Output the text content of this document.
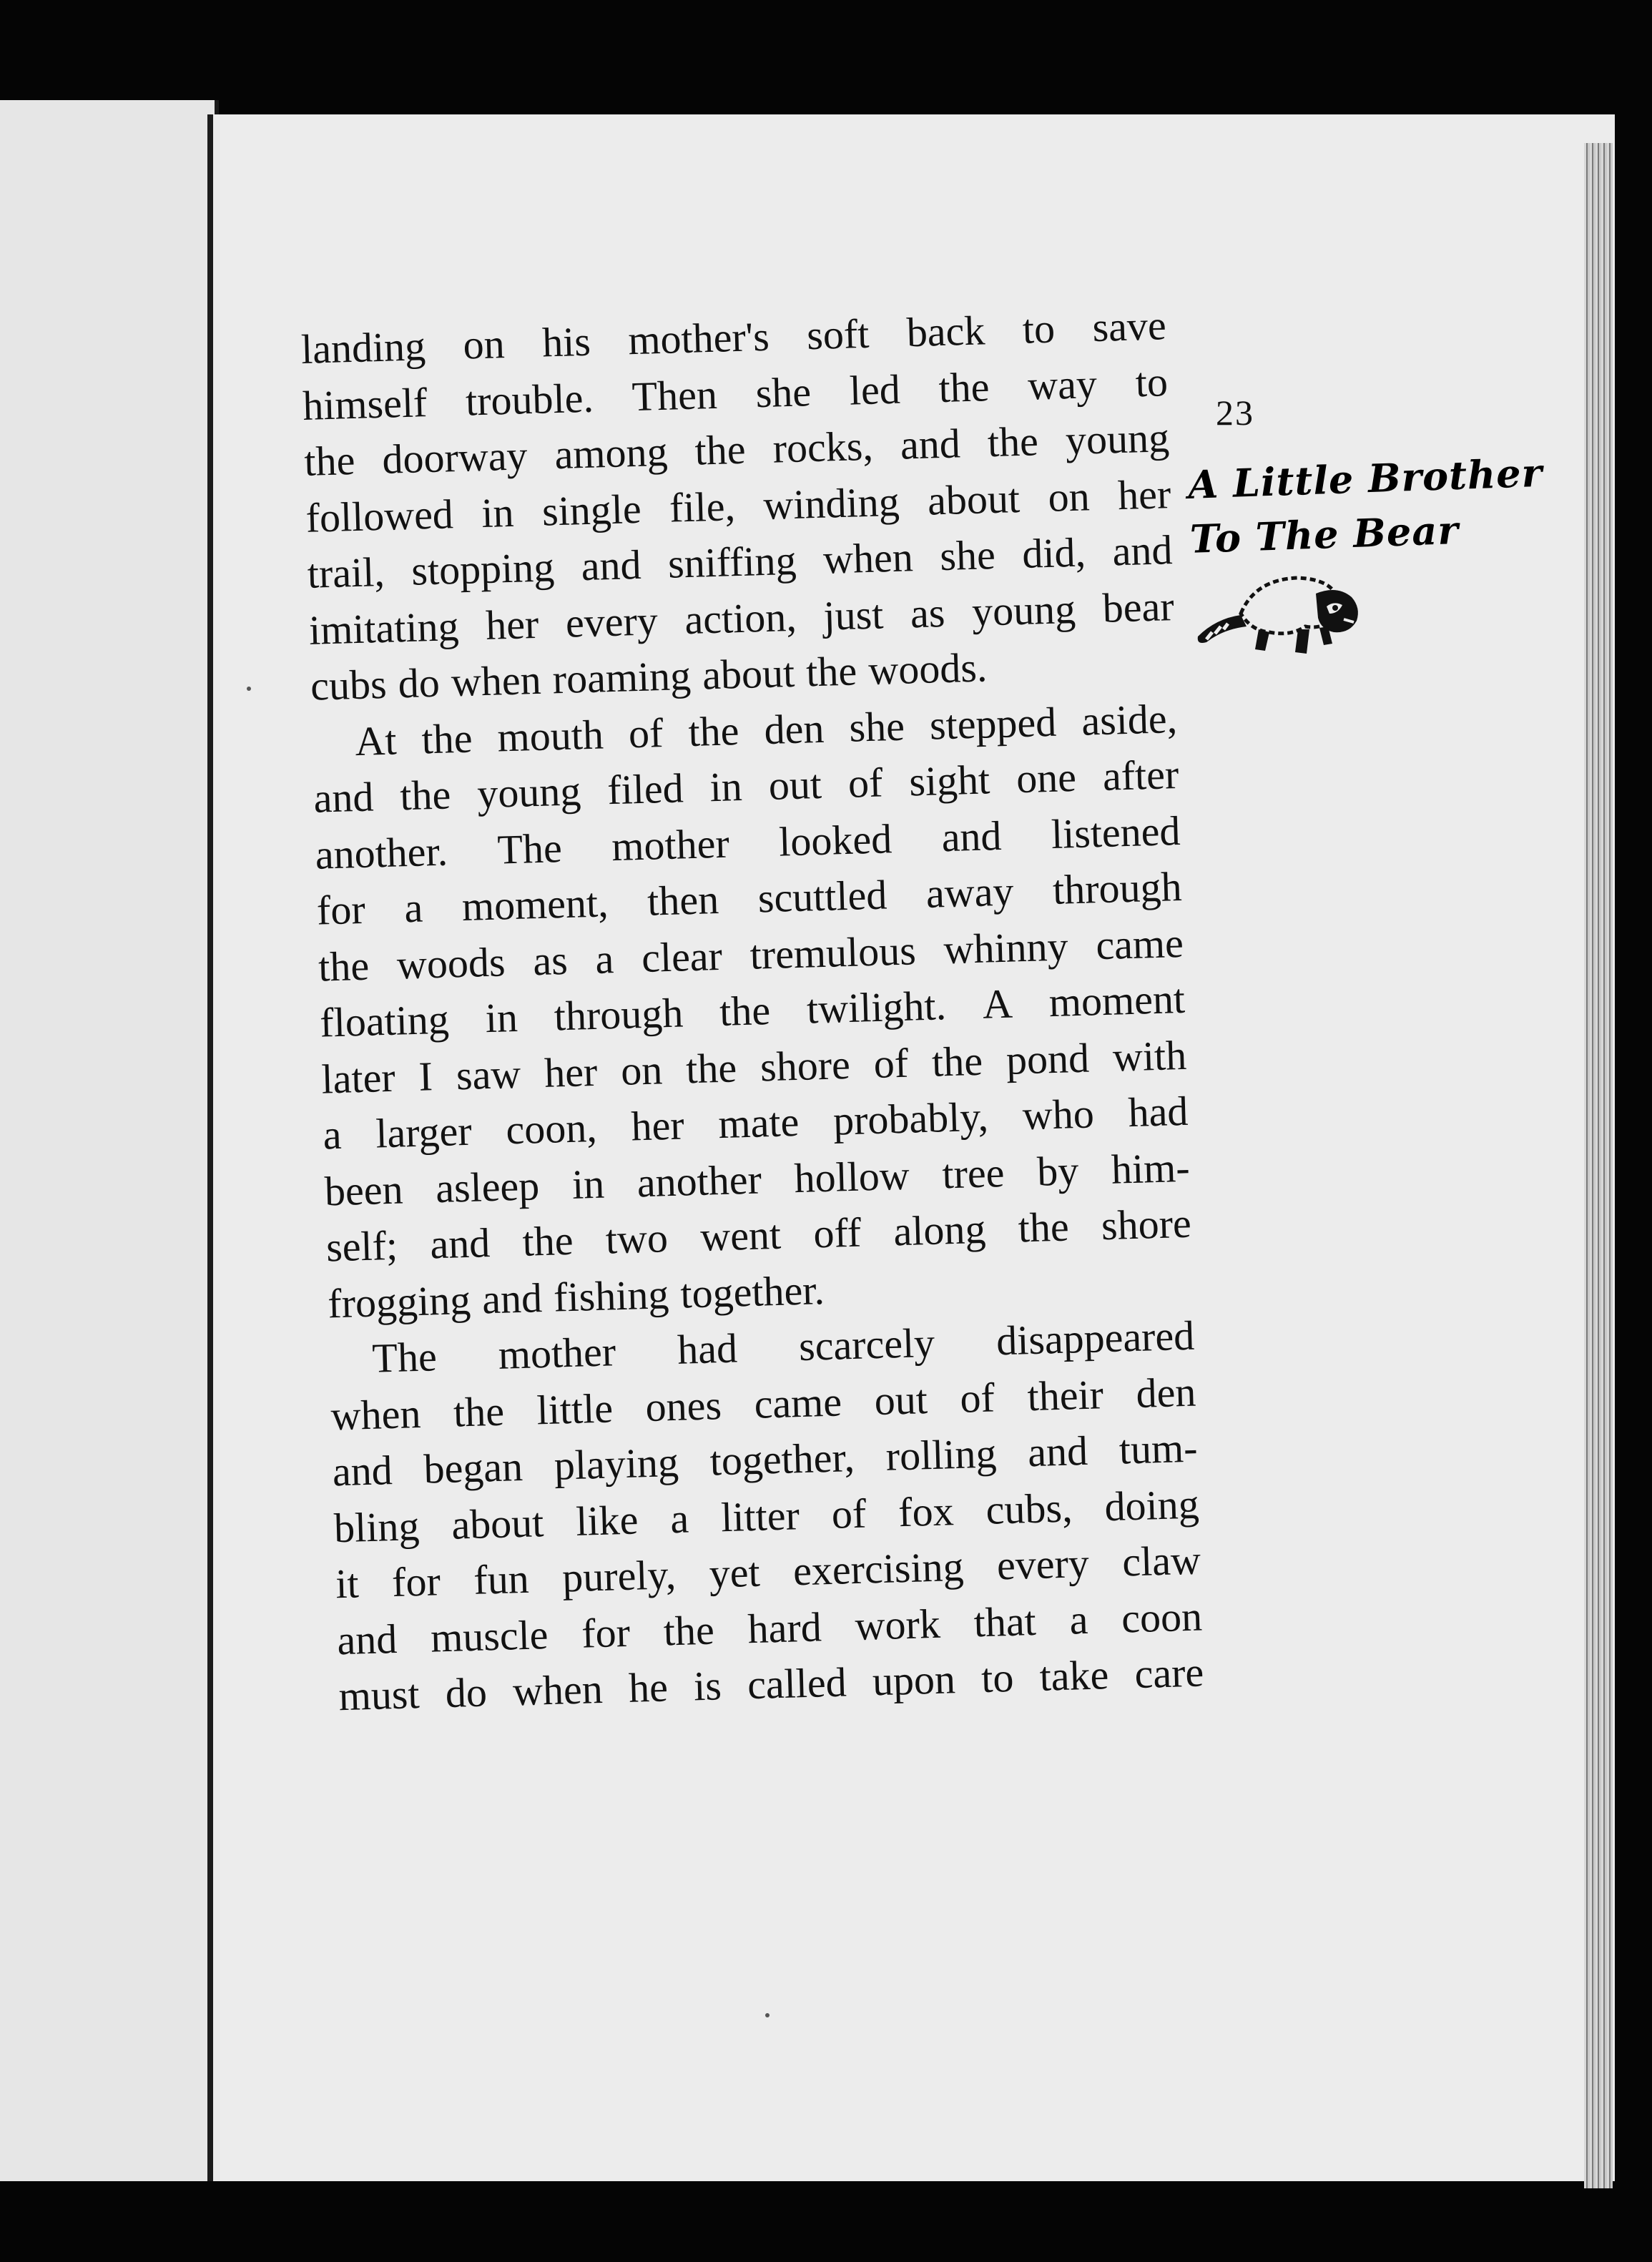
23
A Little Brother
To The Bear
landing on his mother's soft back to save
himself trouble. Then she led the way to
the doorway among the rocks, and the young
followed in single file, winding about on her
trail, stopping and sniffing when she did, and
imitating her every action, just as young bear
cubs do when roaming about the woods.
At the mouth of the den she stepped aside,
and the young filed in out of sight one after
another. The mother looked and listened
for a moment, then scuttled away through
the woods as a clear tremulous whinny came
floating in through the twilight. A moment
later I saw her on the shore of the pond with
a larger coon, her mate probably, who had
been asleep in another hollow tree by him-
self; and the two went off along the shore
frogging and fishing together.
The mother had scarcely disappeared
when the little ones came out of their den
and began playing together, rolling and tum-
bling about like a litter of fox cubs, doing
it for fun purely, yet exercising every claw
and muscle for the hard work that a coon
must do when he is called upon to take care
